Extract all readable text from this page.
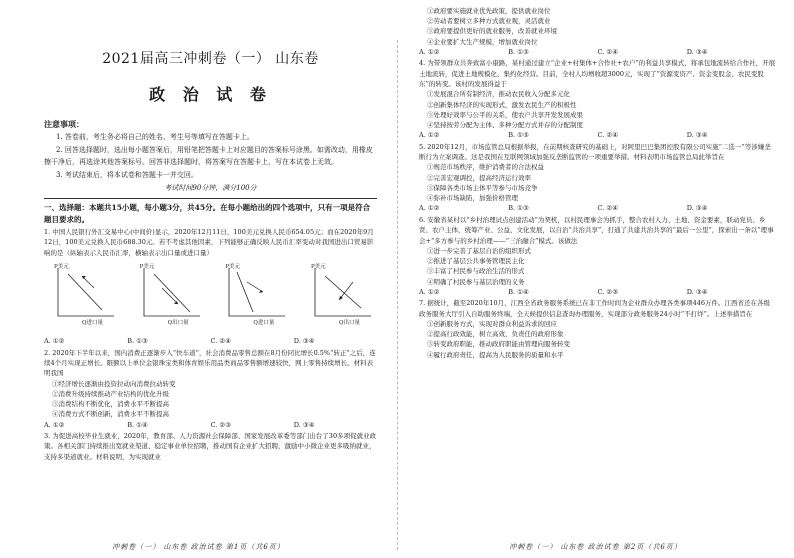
2021届高三冲刺卷（一） 山东卷
政 治 试 卷
注意事项：
1. 答卷前，考生务必将自己的姓名、考生号等填写在答题卡上。
2. 回答选择题时，选出每小题答案后，用铅笔把答题卡上对应题目的答案标号涂黑。如需改动，用橡皮擦干净后，再选涂其他答案标号。回答非选择题时，将答案写在答题卡上，写在本试卷上无效。
3. 考试结束后，将本试卷和答题卡一并交回。
考试时间90分钟，满分100分
一、选择题：本题共15小题，每小题3分，共45分。在每小题给出的四个选项中，只有一项是符合题目要求的。
1. 中国人民银行外汇交易中心(中间价)显示，2020年12月11日，100美元兑换人民币654.05元；而在2020年9月12日，100美元兑换人民币688.30元。若不考虑其他因素，下列能够正确反映人民币汇率变动对我国进出口贸易影响的是（纵轴表示人民币汇率，横轴表示出口量或进口量）
P美元
Q进口量
P美元
Q出口量
P美元
Q进口量
P美元
Q出口量
A. ①②	B. ①③	C. ②④	D. ③④
2. 2020年下半年以来，国内消费正逐渐步入“快车道”，社会消费品零售总额在8月份同比增长0.5%“转正”之后，连续4个月实现正增长。限额以上单位金银珠宝类和体育娱乐用品类商品零售额增速较快，网上零售持续增长。材料表明我国
①经济增长逐渐由投资拉动向消费拉动转变
②消费升级持续推动产业结构的优化升级
③消费结构不断优化，消费水平不断提高
④消费方式不断创新，消费水平不断提高
A. ①②	B. ①④	C. ②③	D. ③④
3. 为促进高校毕业生就业，2020年，教育部、人力资源社会保障部、国家发展改革委等部门出台了30多项促就业政策。各相关部门持续推出宽就业渠道、稳定事业单位招聘，推动国有企业扩大招聘，激励中小微企业更多吸纳就业，支持多渠道就业。材料说明，为实现就业
冲刺卷（一） 山东卷 政治试卷 第1页（共6页）
①政府要实施就业优先政策，提供就业岗位
②劳动者要树立多种方式就业观，灵活就业
③政府要提供更好的就业服务，改善就业环境
④企业要扩大生产规模，增加就业岗位
A. ①②	B. ①③	C. ②④	D. ③④
4. 为带领群众共奔致富小康路，某村通过建立“企业+村集体+合作社+农户”的利益共享模式，将承包地流转给合作社，开展土地流转，促进土地规模化、集约化经营。目前，全村人均增收超3000元，实现了“资源变资产、资金变股金、农民变股东”的转变。该村的发展得益于
①发展混合所有制经济，推动农民收入分配多元化
②创新集体经济的实现形式，激发农民生产的积极性
③处理好效率与公平的关系，使农户共享开发发展成果
④坚持按劳分配为主体、多种分配方式并存的分配制度
A. ①②	B. ①③	C. ②④	D. ③④
5. 2020年12月，市场监管总局根据举报，在前期核查研究的基础上，对阿里巴巴集团控股有限公司实施“二选一”等涉嫌垄断行为立案调查。这是我国在互联网领域加强反垄断监管的一项重要举措。材料表明市场监管总局此举旨在
①规范市场秩序，维护消费者的合法权益
②完善宏观调控，提高经济运行效率
③保障各类市场主体平等参与市场竞争
④弥补市场缺陷，加强价格管理
A. ①②	B. ①③	C. ②④	D. ③④
6. 安徽省某村以“乡村治理试点创建活动”为契机，以村民理事会为抓手，整合农村人力、土地、资金要素，联动党员、乡贤、农户主体，统筹产业、公益、文化发展，以自治“共治共享”，打通了共建共治共享的“最后一公里”，探索出一条以“理事会+”多方参与的乡村治理——“三治融合”模式。该做法
①进一步完善了基层自治的组织形式
②推进了基层公共事务管理民主化
③丰富了村民参与政治生活的形式
④明确了村民参与基层治理的义务
A. ①②	B. ①④	C. ②③	D. ③④
7. 据统计，截至2020年10月，江西全省政务服务系统已在非工作时间为企业群众办理各类事项446万件。江西省还在各级政务服务大厅引入自助服务终端，全天候提供信息查询办理服务，实现部分政务服务24小时“不打烊”。上述举措旨在
①创新服务方式，实现对群众利益诉求的回应
②提高行政效能，树立高效、负责任的政府形象
③转变政府职能，推动政府职能由管理向服务转变
④履行政府责任，提高为人民服务的质量和水平
冲刺卷（一） 山东卷 政治试卷 第2页（共6页）
